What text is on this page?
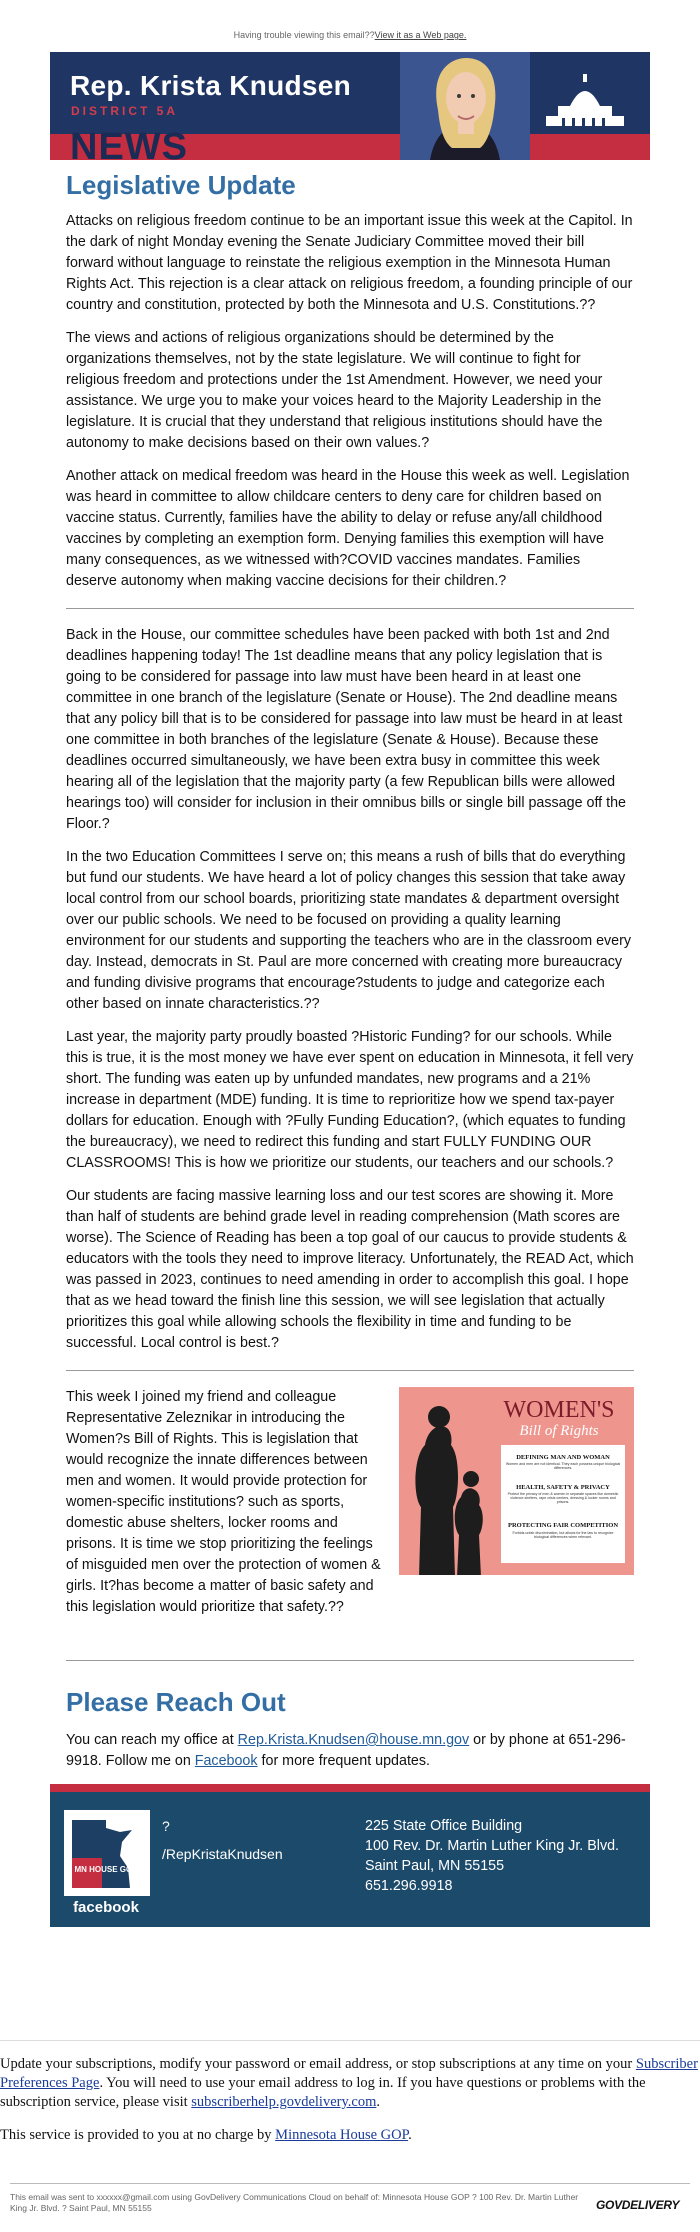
Having trouble viewing this email??View it as a Web page.
Rep. Krista Knudsen
DISTRICT 5A
NEWS
Legislative Update

Attacks on religious freedom continue to be an important issue this week at the Capitol. In the dark of night Monday evening the Senate Judiciary Committee moved their bill forward without language to reinstate the religious exemption in the Minnesota Human Rights Act. This rejection is a clear attack on religious freedom, a founding principle of our country and constitution, protected by both the Minnesota and U.S. Constitutions.??

The views and actions of religious organizations should be determined by the organizations themselves, not by the state legislature. We will continue to fight for religious freedom and protections under the 1st Amendment. However, we need your assistance. We urge you to make your voices heard to the Majority Leadership in the legislature. It is crucial that they understand that religious institutions should have the autonomy to make decisions based on their own values.?

Another attack on medical freedom was heard in the House this week as well. Legislation was heard in committee to allow childcare centers to deny care for children based on vaccine status. Currently, families have the ability to delay or refuse any/all childhood vaccines by completing an exemption form. Denying families this exemption will have many consequences, as we witnessed with?COVID vaccines mandates. Families deserve autonomy when making vaccine decisions for their children.?

Back in the House, our committee schedules have been packed with both 1st and 2nd deadlines happening today! The 1st deadline means that any policy legislation that is going to be considered for passage into law must have been heard in at least one committee in one branch of the legislature (Senate or House). The 2nd deadline means that any policy bill that is to be considered for passage into law must be heard in at least one committee in both branches of the legislature (Senate & House). Because these deadlines occurred simultaneously, we have been extra busy in committee this week hearing all of the legislation that the majority party (a few Republican bills were allowed hearings too) will consider for inclusion in their omnibus bills or single bill passage off the Floor.?

In the two Education Committees I serve on; this means a rush of bills that do everything but fund our students. We have heard a lot of policy changes this session that take away local control from our school boards, prioritizing state mandates & department oversight over our public schools. We need to be focused on providing a quality learning environment for our students and supporting the teachers who are in the classroom every day. Instead, democrats in St. Paul are more concerned with creating more bureaucracy and funding divisive programs that encourage?students to judge and categorize each other based on innate characteristics.??

Last year, the majority party proudly boasted ?Historic Funding? for our schools. While this is true, it is the most money we have ever spent on education in Minnesota, it fell very short. The funding was eaten up by unfunded mandates, new programs and a 21% increase in department (MDE) funding. It is time to reprioritize how we spend tax-payer dollars for education. Enough with ?Fully Funding Education?, (which equates to funding the bureaucracy), we need to redirect this funding and start FULLY FUNDING OUR CLASSROOMS! This is how we prioritize our students, our teachers and our schools.?

Our students are facing massive learning loss and our test scores are showing it. More than half of students are behind grade level in reading comprehension (Math scores are worse). The Science of Reading has been a top goal of our caucus to provide students & educators with the tools they need to improve literacy. Unfortunately, the READ Act, which was passed in 2023, continues to need amending in order to accomplish this goal. I hope that as we head toward the finish line this session, we will see legislation that actually prioritizes this goal while allowing schools the flexibility in time and funding to be successful. Local control is best.?

WOMEN'S
Bill of Rights
DEFINING MAN AND WOMAN
Women and men are not identical. They each possess unique biological differences.
HEALTH, SAFETY & PRIVACY
Protect the privacy of men & women in separate spaces like domestic violence shelters, rape crisis centers, dressing & locker rooms and prisons.
PROTECTING FAIR COMPETITION
Forbids unfair discrimination, but allows for the law to recognize biological differences when relevant.

This week I joined my friend and colleague Representative Zeleznikar in introducing the Women?s Bill of Rights. This is legislation that would recognize the innate differences between men and women. It would provide protection for women-specific institutions? such as sports, domestic abuse shelters, locker rooms and prisons. It is time we stop prioritizing the feelings of misguided men over the protection of women & girls. It?has become a matter of basic safety and this legislation would prioritize that safety.??

Please Reach Out

You can reach my office at Rep.Krista.Knudsen@house.mn.gov or by phone at 651-296-9918. Follow me on Facebook for more frequent updates.

MN HOUSE GOP
facebook
?
/RepKristaKnudsen
225 State Office Building
100 Rev. Dr. Martin Luther King Jr. Blvd.
Saint Paul, MN 55155
651.296.9918

Update your subscriptions, modify your password or email address, or stop subscriptions at any time on your Subscriber Preferences Page. You will need to use your email address to log in. If you have questions or problems with the subscription service, please visit subscriberhelp.govdelivery.com.

This service is provided to you at no charge by Minnesota House GOP.

This email was sent to xxxxxx@gmail.com using GovDelivery Communications Cloud on behalf of: Minnesota House GOP ? 100 Rev. Dr. Martin Luther King Jr. Blvd. ? Saint Paul, MN 55155	GOVDELIVERY
